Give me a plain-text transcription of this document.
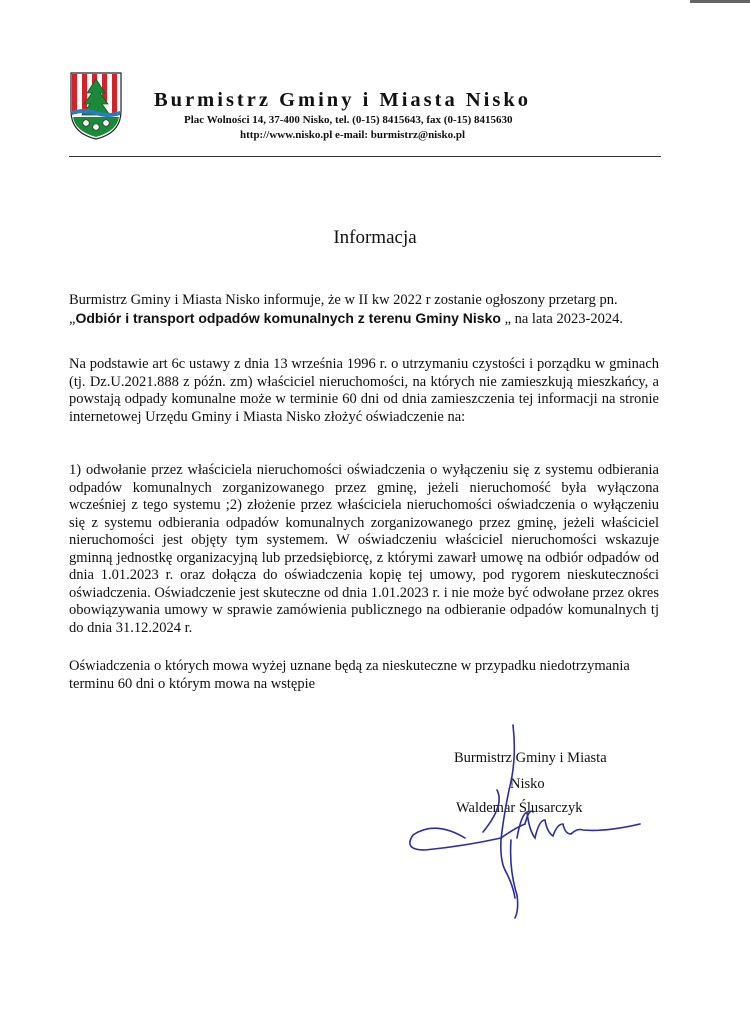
Burmistrz Gminy i Miasta Nisko
Plac Wolności 14, 37-400 Nisko, tel. (0-15) 8415643, fax (0-15) 8415630
http://www.nisko.pl e-mail: burmistrz@nisko.pl
Informacja
Burmistrz Gminy i Miasta Nisko informuje, że w II kw 2022 r zostanie ogłoszony przetarg pn. „Odbiór i transport odpadów komunalnych z terenu Gminy Nisko „ na lata 2023-2024.
Na podstawie art 6c ustawy z dnia 13 września 1996 r. o utrzymaniu czystości i porządku w gminach (tj. Dz.U.2021.888 z późn. zm) właściciel nieruchomości, na których nie zamieszkują mieszkańcy, a powstają odpady komunalne może w terminie 60 dni od dnia zamieszczenia tej informacji na stronie internetowej Urzędu Gminy i Miasta Nisko złożyć oświadczenie na:
1) odwołanie przez właściciela nieruchomości oświadczenia o wyłączeniu się z systemu odbierania odpadów komunalnych zorganizowanego przez gminę, jeżeli nieruchomość była wyłączona wcześniej z tego systemu ;2) złożenie przez właściciela nieruchomości oświadczenia o wyłączeniu się z systemu odbierania odpadów komunalnych zorganizowanego przez gminę, jeżeli właściciel nieruchomości jest objęty tym systemem. W oświadczeniu właściciel nieruchomości wskazuje gminną jednostkę organizacyjną lub przedsiębiorcę, z którymi zawarł umowę na odbiór odpadów od dnia 1.01.2023 r. oraz dołącza do oświadczenia kopię tej umowy, pod rygorem nieskuteczności oświadczenia. Oświadczenie jest skuteczne od dnia 1.01.2023 r. i nie może być odwołane przez okres obowiązywania umowy w sprawie zamówienia publicznego na odbieranie odpadów komunalnych tj do dnia 31.12.2024 r.
Oświadczenia o których mowa wyżej uznane będą za nieskuteczne w przypadku niedotrzymania terminu 60 dni o którym mowa na wstępie
Burmistrz Gminy i Miasta
Nisko
Waldemar Ślusarczyk
